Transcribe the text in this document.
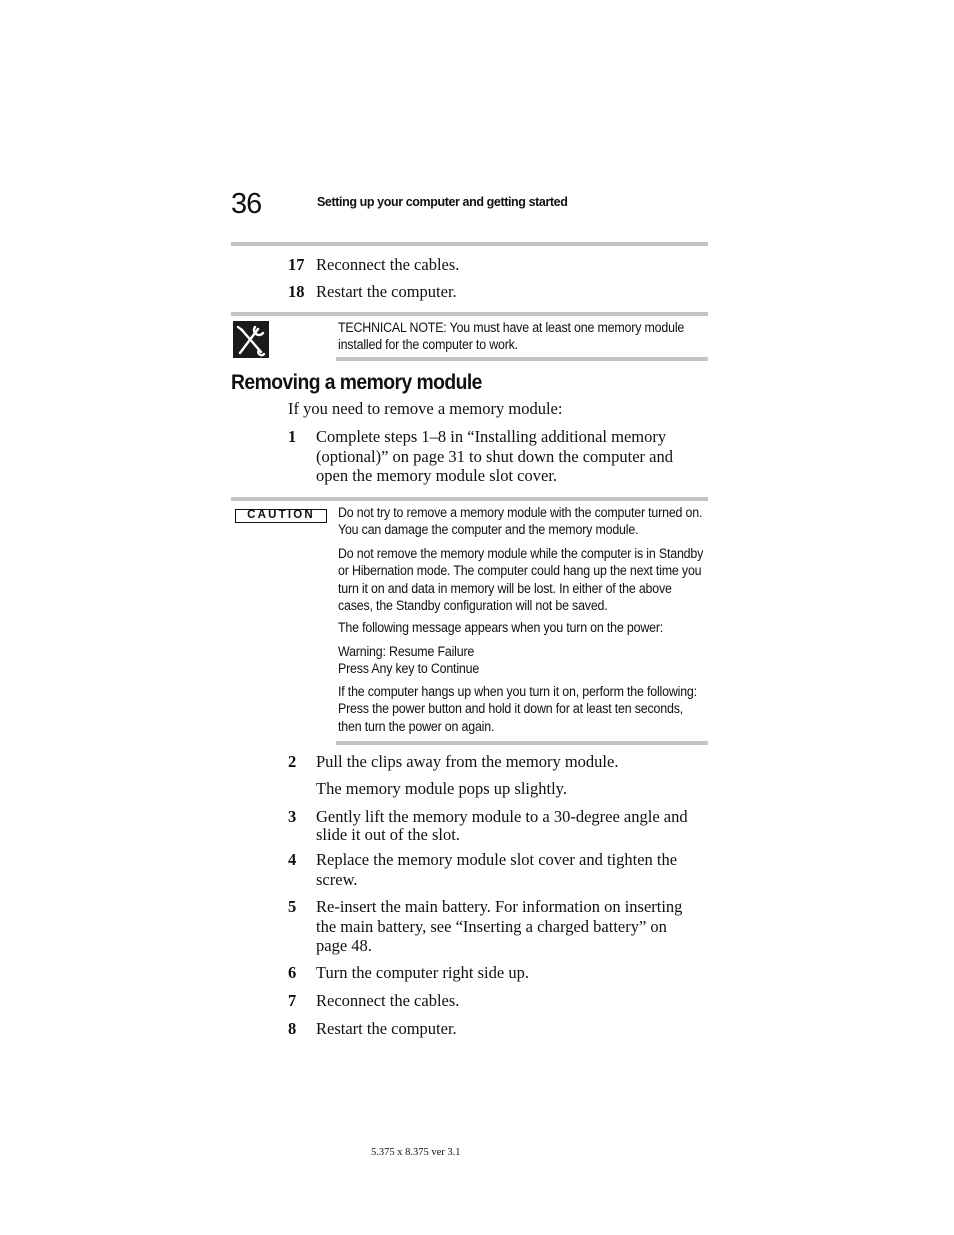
36	Setting up your computer and getting started
17 Reconnect the cables.
18 Restart the computer.
TECHNICAL NOTE: You must have at least one memory module
installed for the computer to work.
Removing a memory module
If you need to remove a memory module:
1	Complete steps 1–8 in “Installing additional memory
(optional)” on page 31 to shut down the computer and
open the memory module slot cover.
CAUTION	Do not try to remove a memory module with the computer turned on.
You can damage the computer and the memory module.
Do not remove the memory module while the computer is in Standby
or Hibernation mode. The computer could hang up the next time you
turn it on and data in memory will be lost. In either of the above
cases, the Standby configuration will not be saved.
The following message appears when you turn on the power:
Warning: Resume Failure
Press Any key to Continue
If the computer hangs up when you turn it on, perform the following:
Press the power button and hold it down for at least ten seconds,
then turn the power on again.
2	Pull the clips away from the memory module.
The memory module pops up slightly.
3	Gently lift the memory module to a 30-degree angle and
slide it out of the slot.
4	Replace the memory module slot cover and tighten the
screw.
5	Re-insert the main battery. For information on inserting
the main battery, see “Inserting a charged battery” on
page 48.
6	Turn the computer right side up.
7	Reconnect the cables.
8	Restart the computer.
5.375 x 8.375 ver 3.1
